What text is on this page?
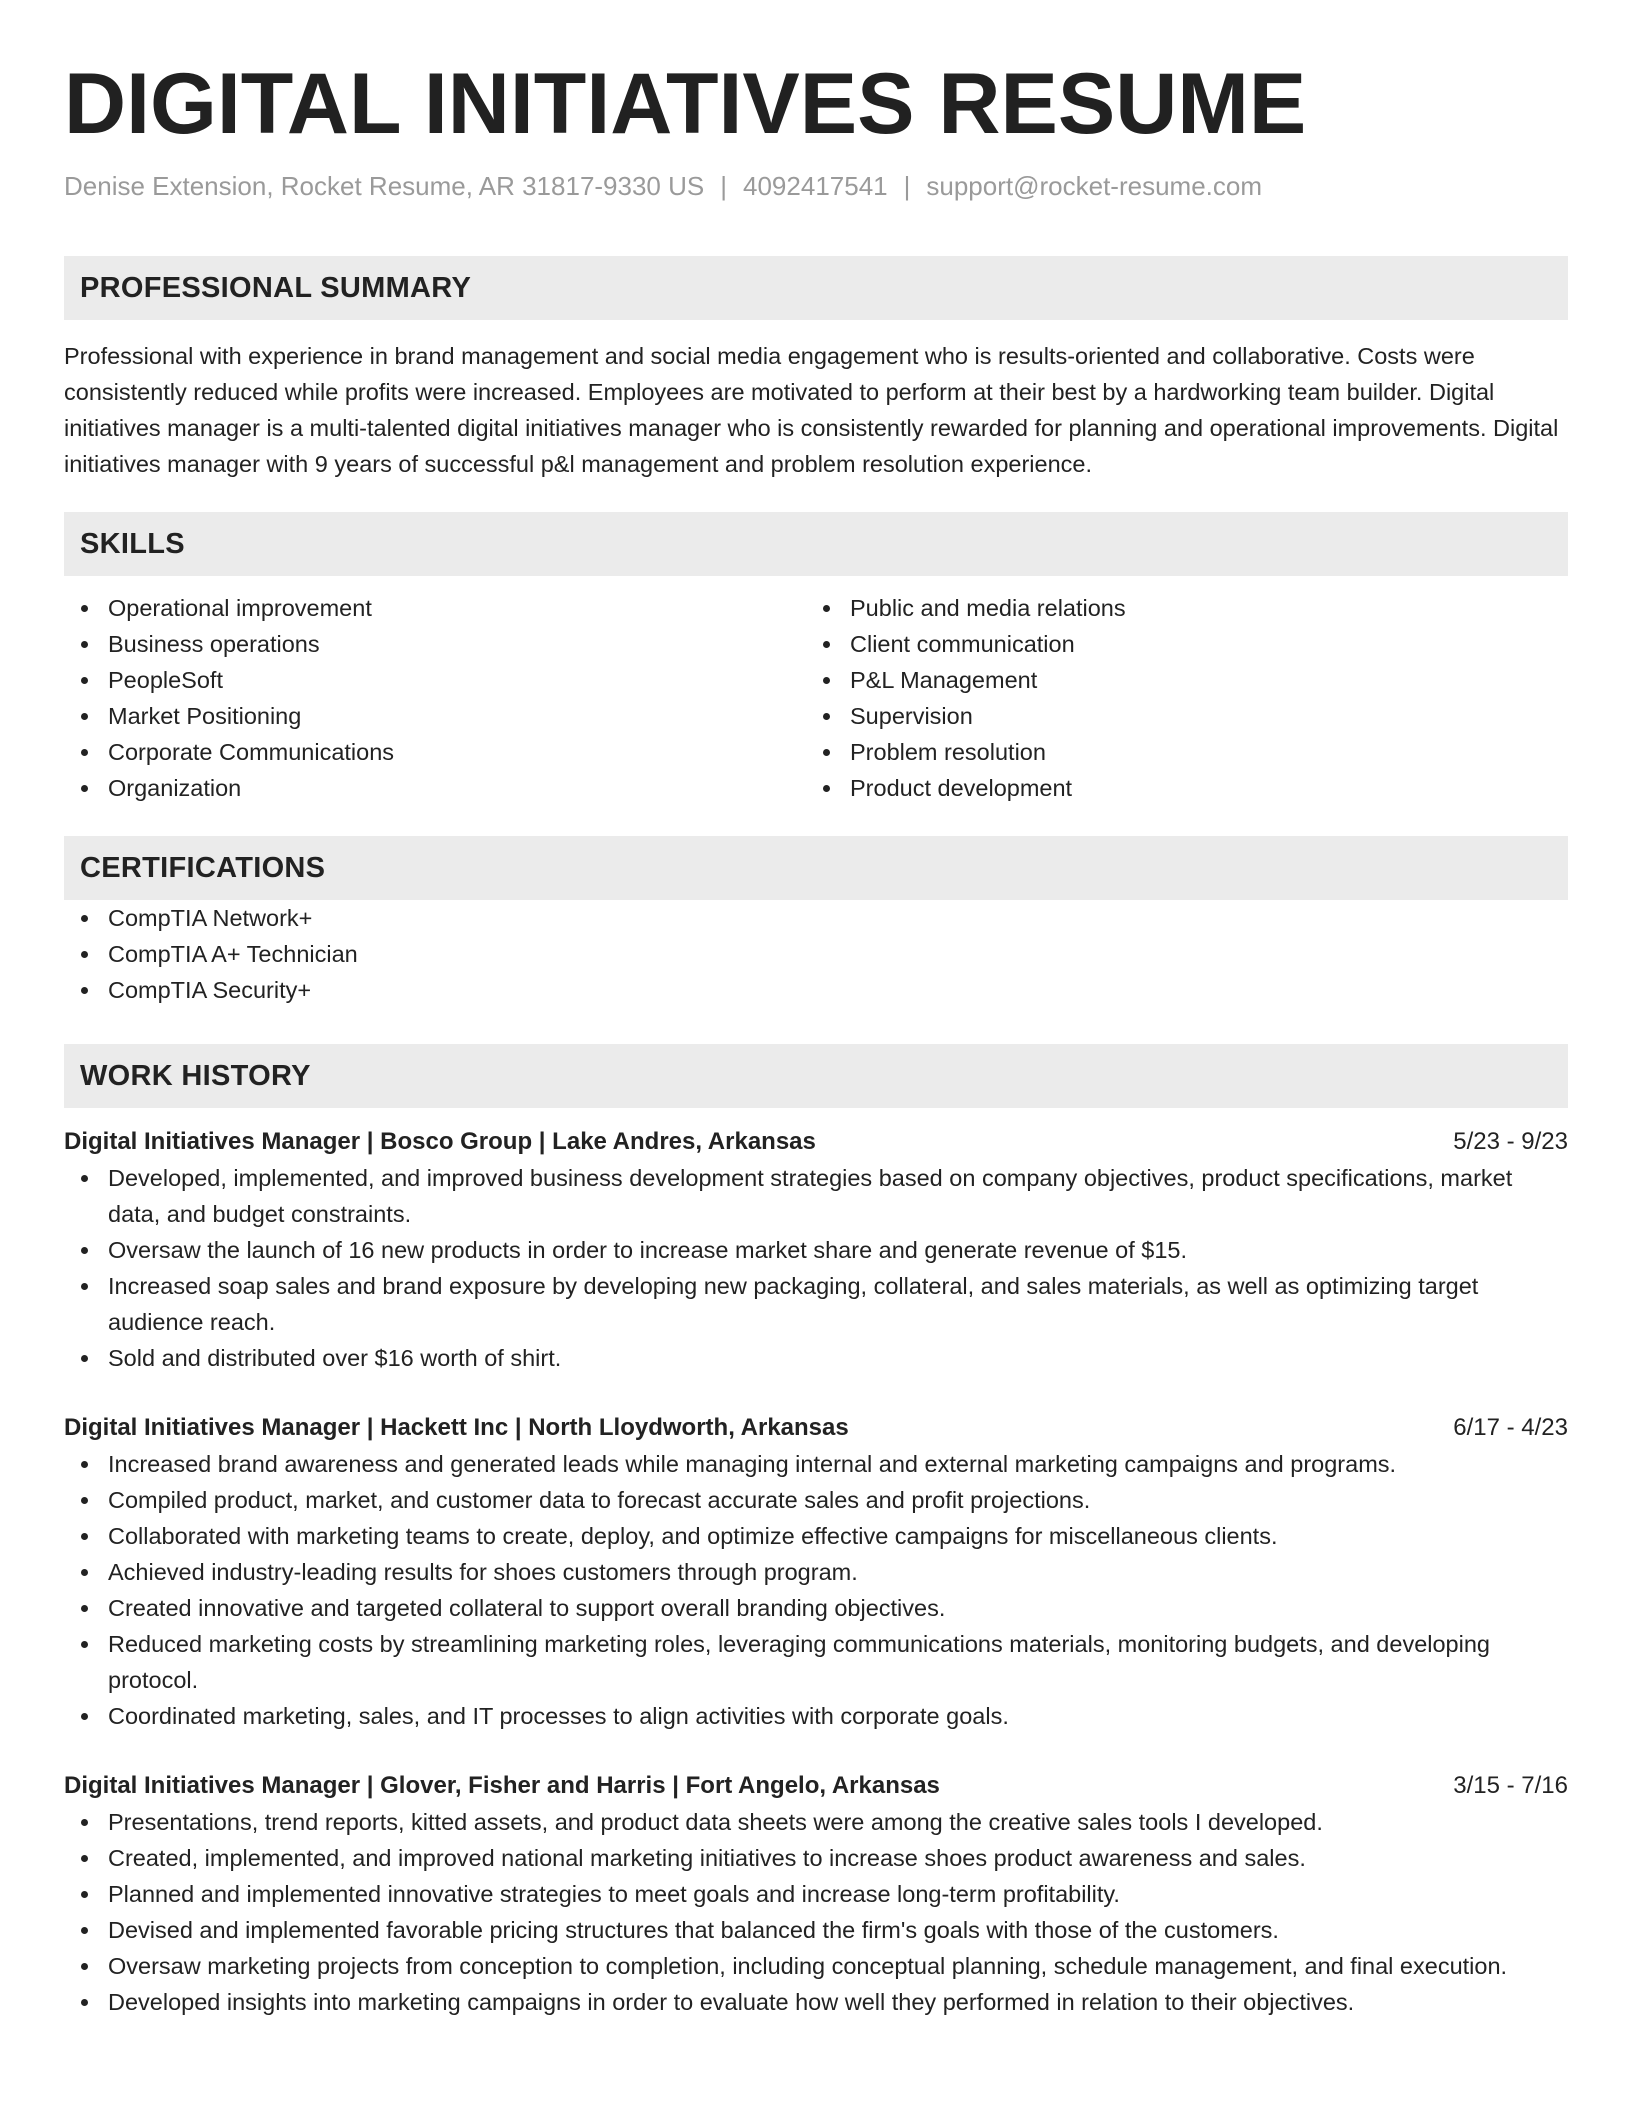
DIGITAL INITIATIVES RESUME
Denise Extension, Rocket Resume, AR 31817-9330 US | 4092417541 | support@rocket-resume.com
PROFESSIONAL SUMMARY

Professional with experience in brand management and social media engagement who is results-oriented and collaborative. Costs were consistently reduced while profits were increased. Employees are motivated to perform at their best by a hardworking team builder. Digital initiatives manager is a multi-talented digital initiatives manager who is consistently rewarded for planning and operational improvements. Digital initiatives manager with 9 years of successful p&l management and problem resolution experience.

SKILLS
Operational improvement
Business operations
PeopleSoft
Market Positioning
Corporate Communications
Organization
Public and media relations
Client communication
P&L Management
Supervision
Problem resolution
Product development
CERTIFICATIONS
CompTIA Network+
CompTIA A+ Technician
CompTIA Security+
WORK HISTORY
Digital Initiatives Manager | Bosco Group | Lake Andres, Arkansas	5/23 - 9/23
Developed, implemented, and improved business development strategies based on company objectives, product specifications, market data, and budget constraints.
Oversaw the launch of 16 new products in order to increase market share and generate revenue of $15.
Increased soap sales and brand exposure by developing new packaging, collateral, and sales materials, as well as optimizing target audience reach.
Sold and distributed over $16 worth of shirt.
Digital Initiatives Manager | Hackett Inc | North Lloydworth, Arkansas	6/17 - 4/23
Increased brand awareness and generated leads while managing internal and external marketing campaigns and programs.
Compiled product, market, and customer data to forecast accurate sales and profit projections.
Collaborated with marketing teams to create, deploy, and optimize effective campaigns for miscellaneous clients.
Achieved industry-leading results for shoes customers through program.
Created innovative and targeted collateral to support overall branding objectives.
Reduced marketing costs by streamlining marketing roles, leveraging communications materials, monitoring budgets, and developing protocol.
Coordinated marketing, sales, and IT processes to align activities with corporate goals.
Digital Initiatives Manager | Glover, Fisher and Harris | Fort Angelo, Arkansas	3/15 - 7/16
Presentations, trend reports, kitted assets, and product data sheets were among the creative sales tools I developed.
Created, implemented, and improved national marketing initiatives to increase shoes product awareness and sales.
Planned and implemented innovative strategies to meet goals and increase long-term profitability.
Devised and implemented favorable pricing structures that balanced the firm's goals with those of the customers.
Oversaw marketing projects from conception to completion, including conceptual planning, schedule management, and final execution.
Developed insights into marketing campaigns in order to evaluate how well they performed in relation to their objectives.
